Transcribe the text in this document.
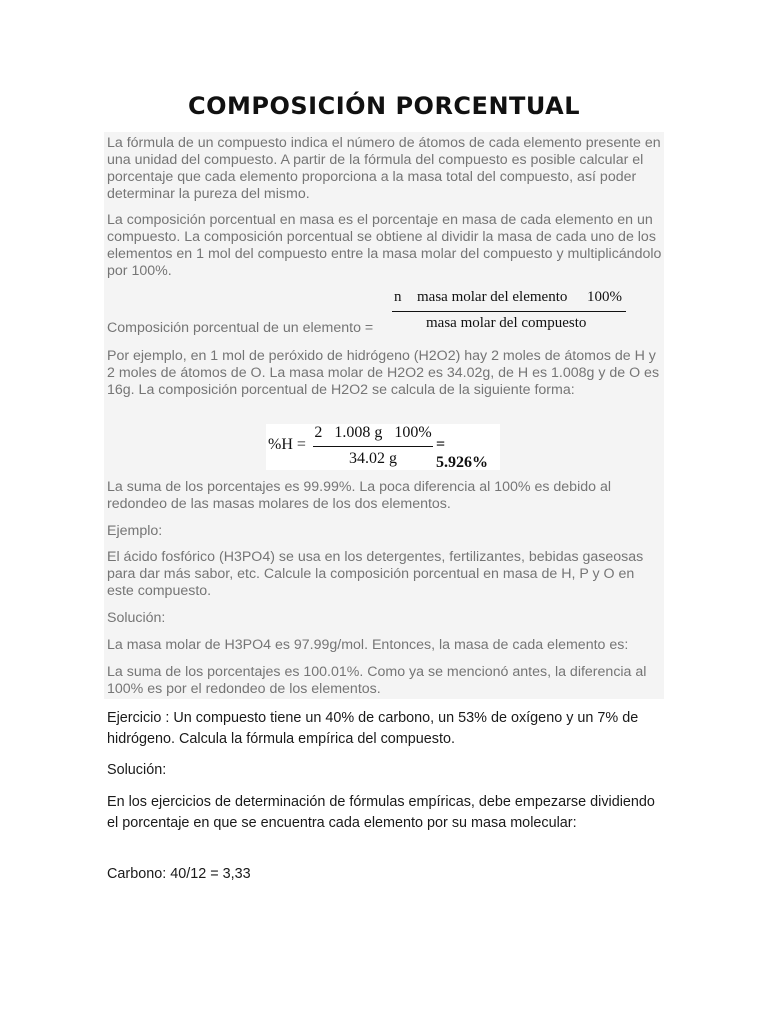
COMPOSICIÓN PORCENTUAL

La fórmula de un compuesto indica el número de átomos de cada elemento presente en una unidad del compuesto. A partir de la fórmula del compuesto es posible calcular el porcentaje que cada elemento proporciona a la masa total del compuesto, así poder determinar la pureza del mismo.

La composición porcentual en masa es el porcentaje en masa de cada elemento en un compuesto. La composición porcentual se obtiene al dividir la masa de cada uno de los elementos en 1 mol del compuesto entre la masa molar del compuesto y multiplicándolo por 100%.

Composición porcentual de un elemento =
n masa molar del elemento 100%
masa molar del compuesto

Por ejemplo, en 1 mol de peróxido de hidrógeno (H2O2) hay 2 moles de átomos de H y 2 moles de átomos de O. La masa molar de H2O2 es 34.02g, de H es 1.008g y de O es 16g. La composición porcentual de H2O2 se calcula de la siguiente forma:

%H =
2   1.008 g   100%
34.02 g
= 5.926%

La suma de los porcentajes es 99.99%. La poca diferencia al 100% es debido al redondeo de las masas molares de los dos elementos.

Ejemplo:

El ácido fosfórico (H3PO4) se usa en los detergentes, fertilizantes, bebidas gaseosas para dar más sabor, etc. Calcule la composición porcentual en masa de H, P y O en este compuesto.

Solución:

La masa molar de H3PO4 es 97.99g/mol. Entonces, la masa de cada elemento es:

La suma de los porcentajes es 100.01%. Como ya se mencionó antes, la diferencia al 100% es por el redondeo de los elementos.

Ejercicio : Un compuesto tiene un 40% de carbono, un 53% de oxígeno y un 7% de hidrógeno. Calcula la fórmula empírica del compuesto.

Solución:

En los ejercicios de determinación de fórmulas empíricas, debe empezarse dividiendo el porcentaje en que se encuentra cada elemento por su masa molecular:

Carbono: 40/12 = 3,33
